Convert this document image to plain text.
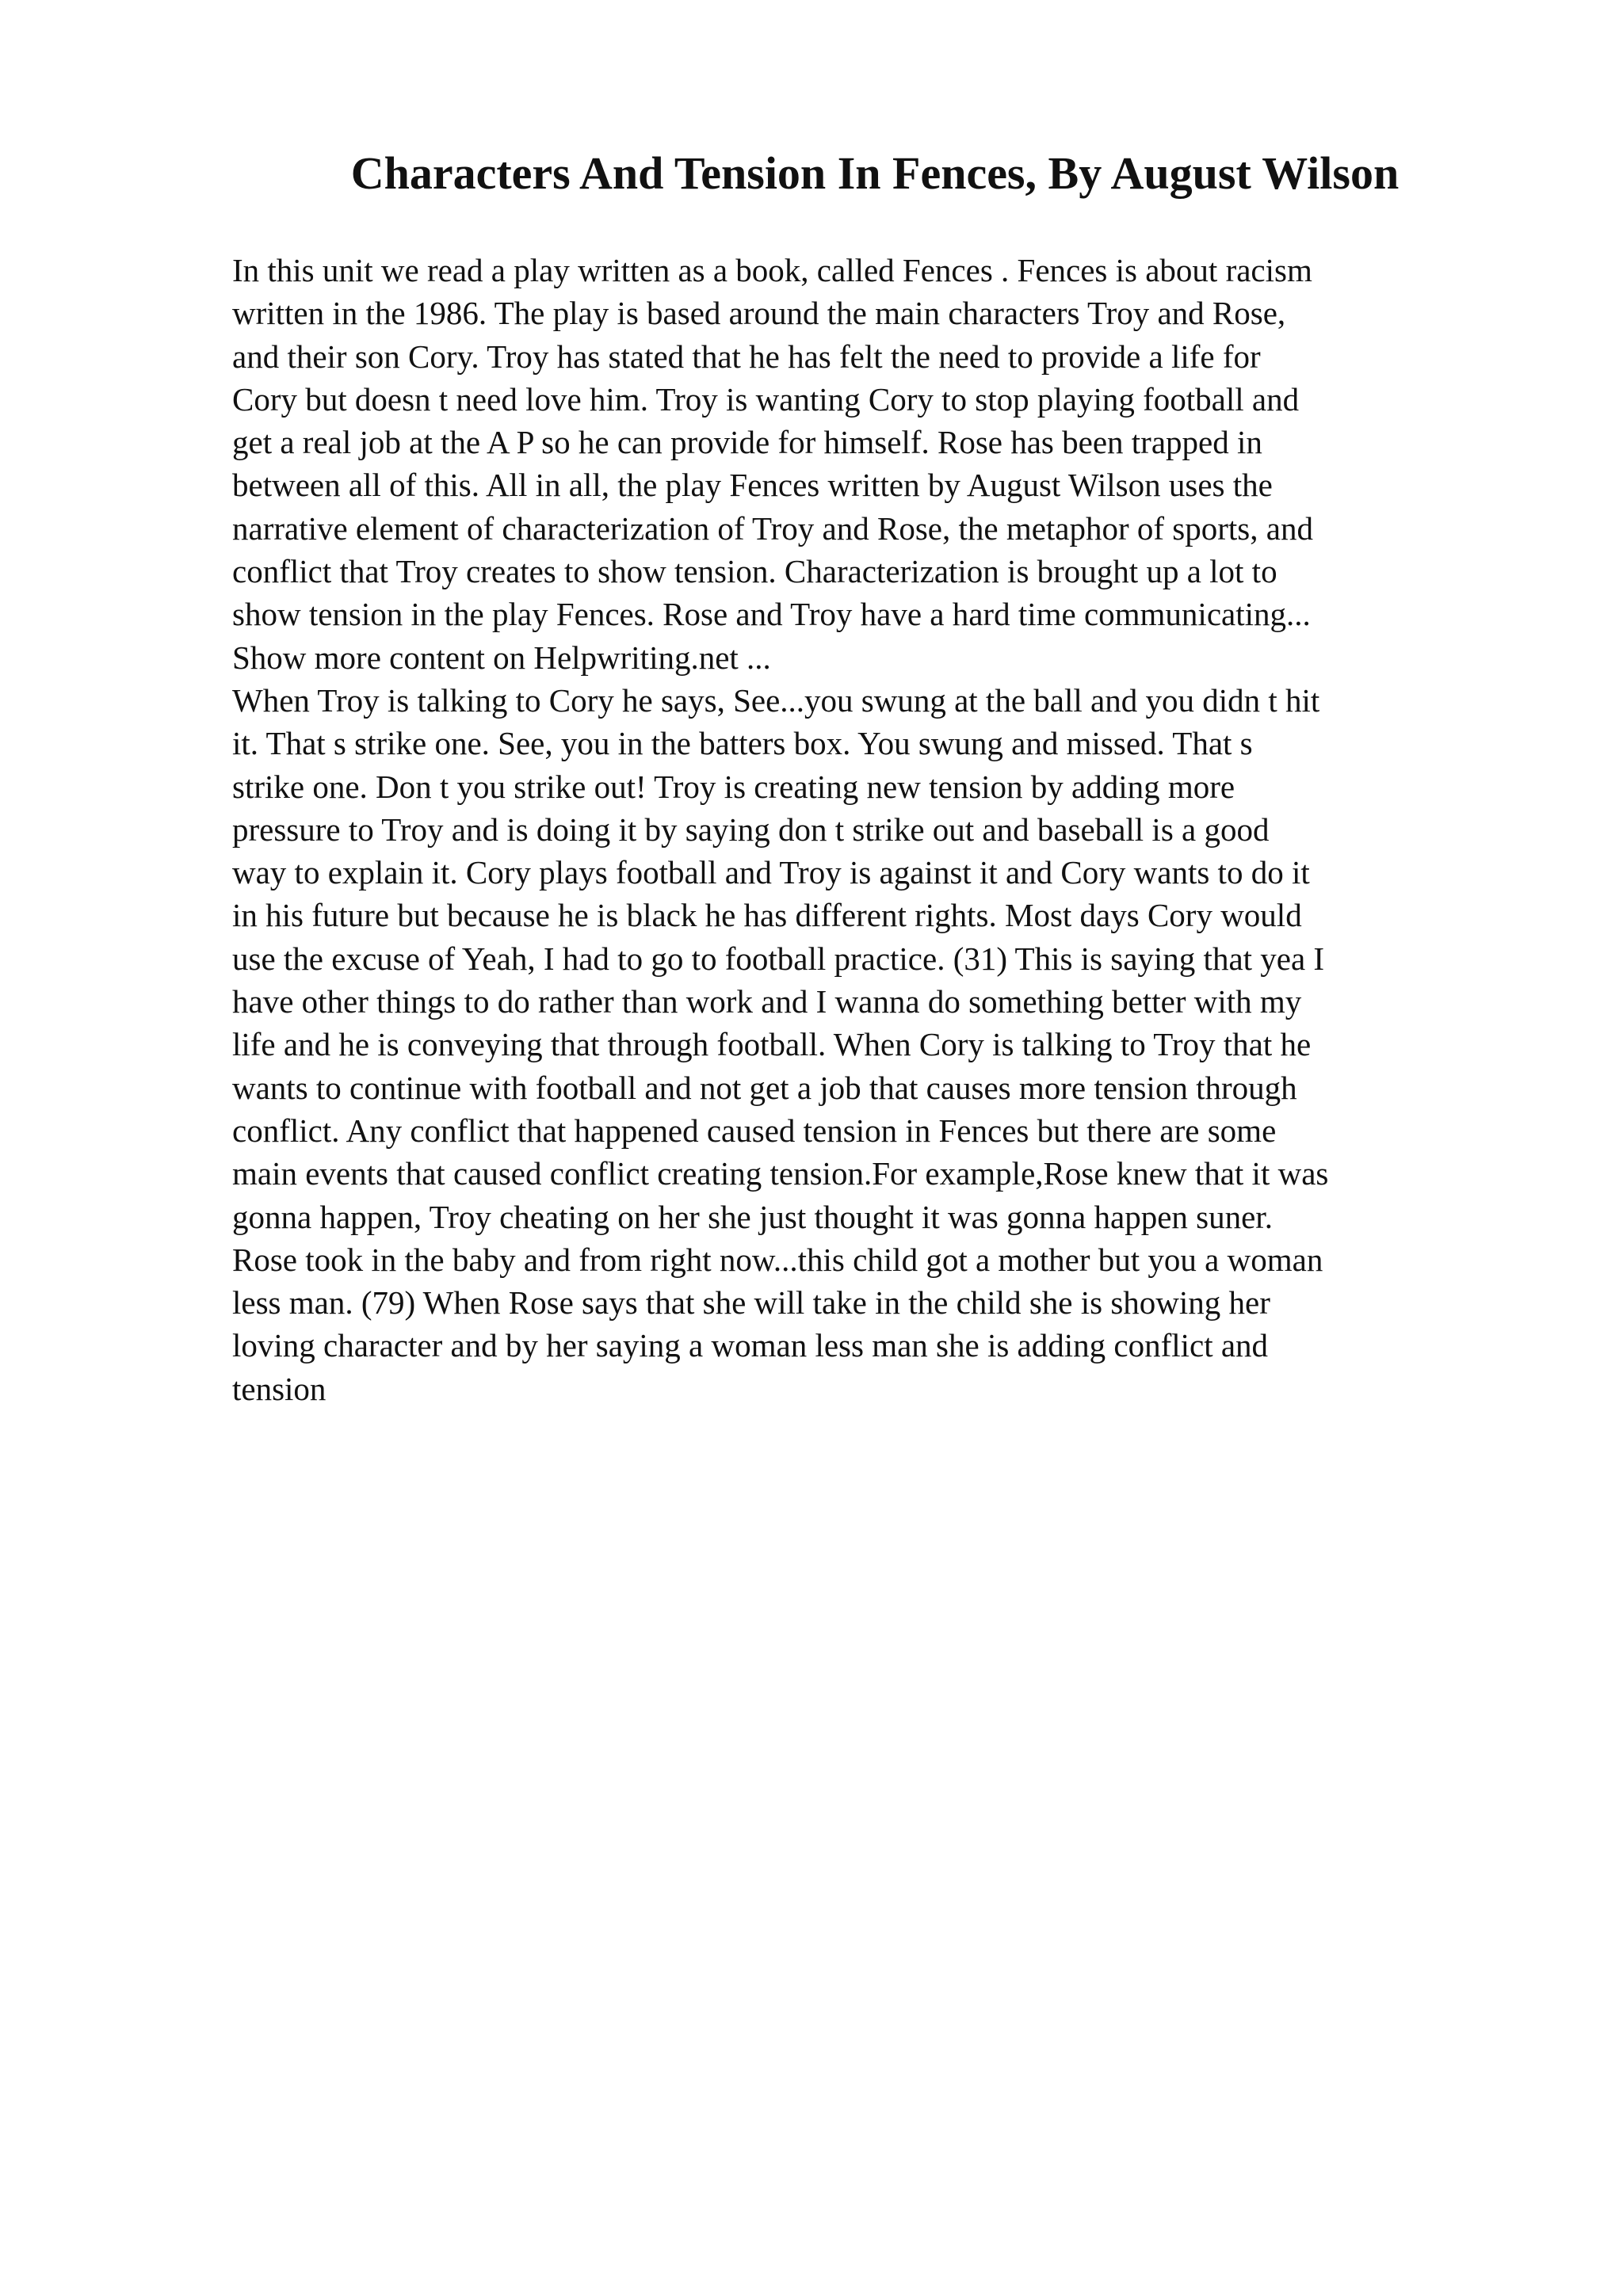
Characters And Tension In Fences, By August Wilson
In this unit we read a play written as a book, called Fences . Fences is about racism
written in the 1986. The play is based around the main characters Troy and Rose,
and their son Cory. Troy has stated that he has felt the need to provide a life for
Cory but doesn t need love him. Troy is wanting Cory to stop playing football and
get a real job at the A P so he can provide for himself. Rose has been trapped in
between all of this. All in all, the play Fences written by August Wilson uses the
narrative element of characterization of Troy and Rose, the metaphor of sports, and
conflict that Troy creates to show tension. Characterization is brought up a lot to
show tension in the play Fences. Rose and Troy have a hard time communicating...
Show more content on Helpwriting.net ...
When Troy is talking to Cory he says, See...you swung at the ball and you didn t hit
it. That s strike one. See, you in the batters box. You swung and missed. That s
strike one. Don t you strike out! Troy is creating new tension by adding more
pressure to Troy and is doing it by saying don t strike out and baseball is a good
way to explain it. Cory plays football and Troy is against it and Cory wants to do it
in his future but because he is black he has different rights. Most days Cory would
use the excuse of Yeah, I had to go to football practice. (31) This is saying that yea I
have other things to do rather than work and I wanna do something better with my
life and he is conveying that through football. When Cory is talking to Troy that he
wants to continue with football and not get a job that causes more tension through
conflict. Any conflict that happened caused tension in Fences but there are some
main events that caused conflict creating tension.For example,Rose knew that it was
gonna happen, Troy cheating on her she just thought it was gonna happen suner.
Rose took in the baby and from right now...this child got a mother but you a woman
less man. (79) When Rose says that she will take in the child she is showing her
loving character and by her saying a woman less man she is adding conflict and
tension
